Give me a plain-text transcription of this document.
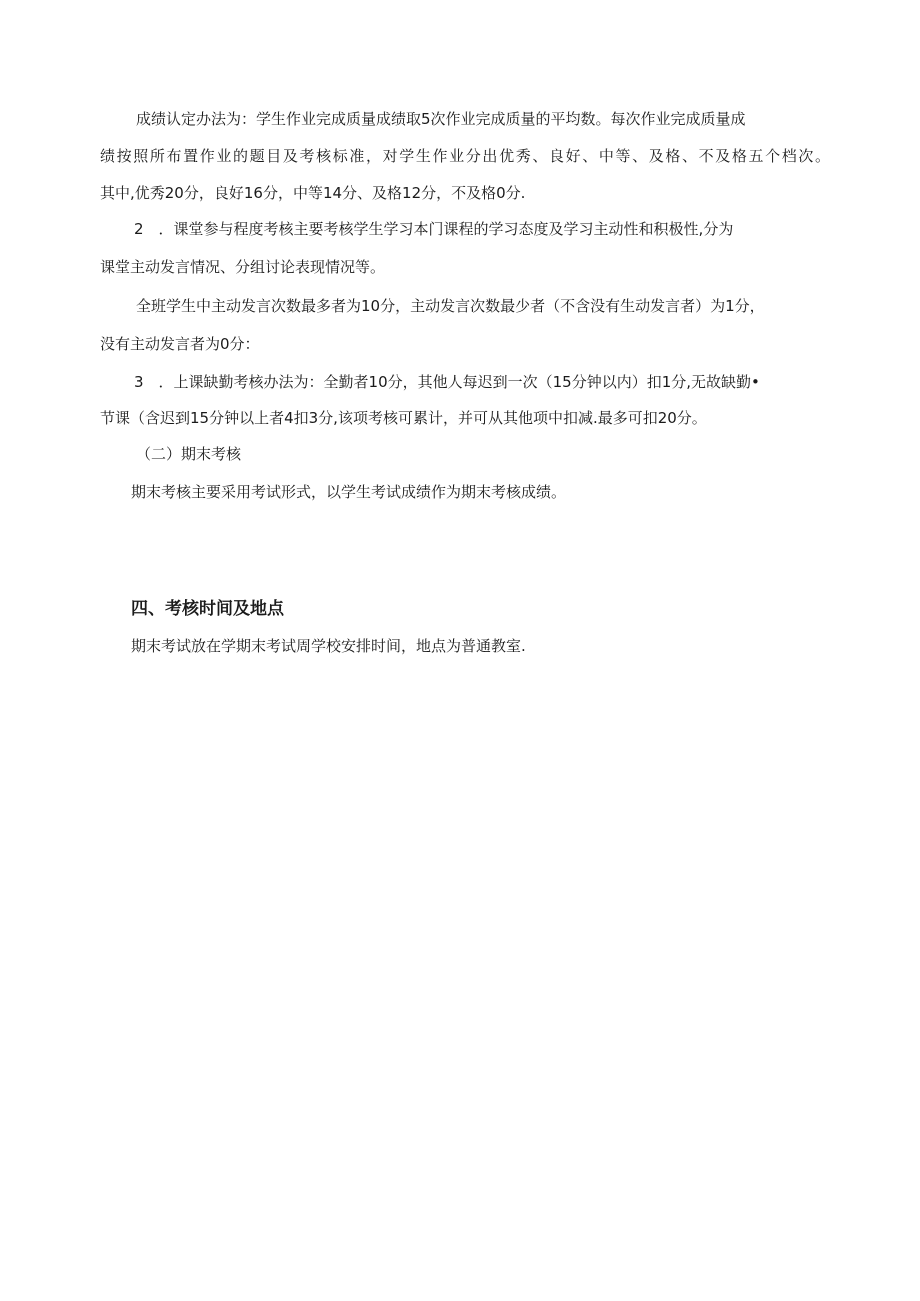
成绩认定办法为：学生作业完成质量成绩取5次作业完成质量的平均数。每次作业完成质量成
绩按照所布置作业的题目及考核标准，对学生作业分出优秀、良好、中等、及格、不及格五个档次。
其中,优秀20分，良好16分，中等14分、及格12分，不及格0分.
2　．课堂参与程度考核主要考核学生学习本门课程的学习态度及学习主动性和积极性,分为
课堂主动发言情况、分组讨论表现情况等。
全班学生中主动发言次数最多者为10分，主动发言次数最少者（不含没有生动发言者）为1分，
没有主动发言者为0分：
3　．上课缺勤考核办法为：全勤者10分，其他人每迟到一次（15分钟以内）扣1分,无故缺勤•
节课（含迟到15分钟以上者4扣3分,该项考核可累计，并可从其他项中扣减.最多可扣20分。
（二）期末考核
期末考核主要采用考试形式，以学生考试成绩作为期末考核成绩。
四、考核时间及地点
期末考试放在学期末考试周学校安排时间，地点为普通教室.
